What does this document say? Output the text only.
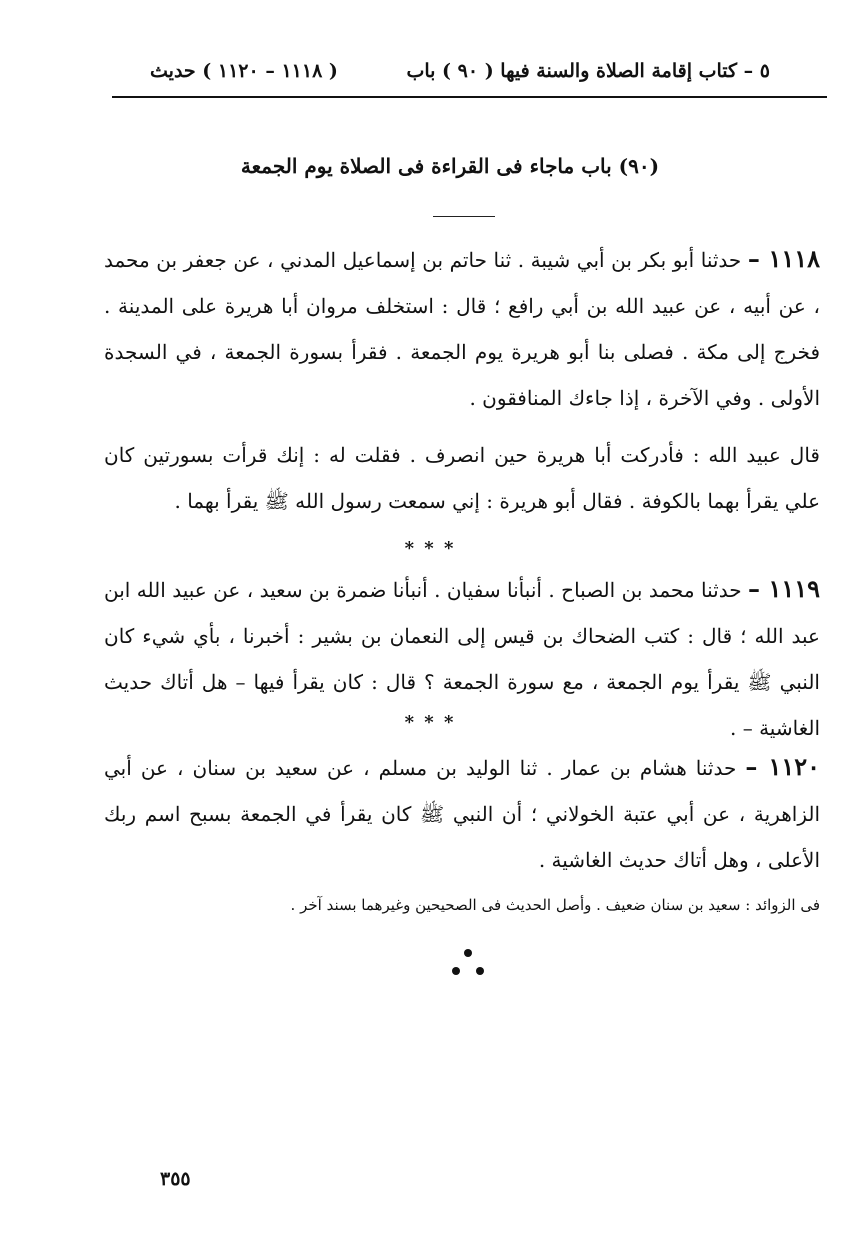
٥ – كتاب إقامة الصلاة والسنة فيها ( ٩٠ ) باب
( ١١١٨ – ١١٢٠ ) حديث
(٩٠) باب ماجاء فى القراءة فى الصلاة يوم الجمعة
١١١٨ – حدثنا أبو بكر بن أبي شيبة . ثنا حاتم بن إسماعيل المدني ، عن جعفر بن محمد ، عن أبيه ، عن عبيد الله بن أبي رافع ؛ قال : استخلف مروان أبا هريرة على المدينة . فخرج إلى مكة . فصلى بنا أبو هريرة يوم الجمعة . فقرأ بسورة الجمعة ، في السجدة الأولى . وفي الآخرة ، إذا جاءك المنافقون .
قال عبيد الله : فأدركت أبا هريرة حين انصرف . فقلت له : إنك قرأت بسورتين كان علي يقرأ بهما بالكوفة . فقال أبو هريرة : إني سمعت رسول الله ﷺ يقرأ بهما .
* * *
١١١٩ – حدثنا محمد بن الصباح . أنبأنا سفيان . أنبأنا ضمرة بن سعيد ، عن عبيد الله ابن عبد الله ؛ قال : كتب الضحاك بن قيس إلى النعمان بن بشير : أخبرنا ، بأي شيء كان النبي ﷺ يقرأ يوم الجمعة ، مع سورة الجمعة ؟ قال : كان يقرأ فيها – هل أتاك حديث الغاشية – .
* * *
١١٢٠ – حدثنا هشام بن عمار . ثنا الوليد بن مسلم ، عن سعيد بن سنان ، عن أبي الزاهرية ، عن أبي عتبة الخولاني ؛ أن النبي ﷺ كان يقرأ في الجمعة بسبح اسم ربك الأعلى ، وهل أتاك حديث الغاشية .
فى الزوائد : سعيد بن سنان ضعيف . وأصل الحديث فى الصحيحين وغيرهما بسند آخر .
٣٥٥
